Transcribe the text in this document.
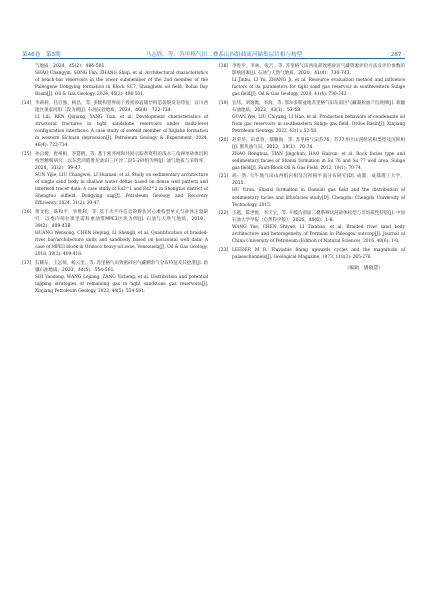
第46卷　第3期	马志欣，等：苏里格气田二叠系山西组曲流河储集层岩相与构型	· 287 ·

气地质，2024，45(2)：486-501.

SHAO Changyin, SONG Fan, ZHANG Shiqi, et al. Architectural characteristics of beach-bar reservoirs in the lower submember of the 2nd member of the Paleogene Dongying formation in Block SC7, Shanghebi oil field, Bohai Bay Basin[J]. Oil & Gas Geology, 2024, 45(2): 486-501.

[14] 李莉莉，任启强，杨昌，等. 多级构型界面下致密砂岩储层构造裂缝发育特征：以川西地区须家河组二段为例[J]. 石油实验地质，2024，46(4)：722-734.

LI Lili, REN Qiqiang, YANG Tian, et al. Development characteristics of structural fractures in tight sandstone reservoirs under multi-level configuration interfaces: A case study of second member of Xujiahe formation in western Sichuan depression[J]. Petroleum Geology & Experiment, 2024, 46(4): 722-734.

[15] 孙日媛，唐祖根，李慧帆，等. 基于密井网和井间示踪剂资料的浅水三角洲单砂体沉积构型精细研究：以东营凹陷胜坨油田三区沙二段1-2砂组为例[J]. 油气地质与采收率，2024，31(2)：39-47.

SUN Yijie, LIU Changwei, LI Huanan, et al. Study on sedimentary architecture of single sand body in shallow water deltas based on dense well pattern and interwell tracer data: A case study of Es2^1 and Es2^2 in Shengtuo district of Shengtuo oilfield, Dongying sag[J]. Petroleum Geology and Recovery Efficiency, 2024, 31(2): 39-47.

[16] 黄文松，陈和平，李胜利，等. 基于水平井信息的辫状河心滩构型单元与砂体定量研究：以委内瑞拉奥里诺科重油带MPE3区块为例[J]. 石油与天然气地质，2018，39(2)：409-418.

HUANG Wensong, CHEN Heping, LI Shengli, et al. Quantification of braided-river bar/architecture units and sandbody based on horizontal well data: A case of MPE3 block in Orinoco heavy-oil zone, Venezuela[J]. Oil & Gas Geology, 2018, 39(2): 409-418.

[17] 石耀东，王远瑞，杨云奎，等. 苏里格气田致密砂岩气藏剩余气分布特征及其挖潜[J]. 新疆石油地质，2023，44(5)：554-561.

SHI Yaodong, WANG Lejiang, ZANG Yicheng, et al. Distribution and potential tapping strategies of remaining gas in tight sandstone gas reservoirs[J]. Xinjiang Petroleum Geology, 2023, 44(5): 554-561.

[18] 李进步，李咏，张吉，等. 苏里格气田西南部致密砂岩气藏资源评价方法及评价参数的影响因素[J]. 石油与天然气地质，2020，41(4)：730-743.

LI Jinbu, LI Yu, ZHANG Ji, et al. Resource evaluation method and influence factors of its parameters for tight sand gas reservoir in southwestern Sulige gas field[J]. Oil & Gas Geology, 2020, 41(4): 730-743.

[19] 官伟，刘逸衡，李海，等. 鄂尔多斯盆地苏里格气田东南区气藏凝析油产出规律[J]. 新疆石油地质，2022，43(1)：52-58.

GUAN Wei, LIU Chiyang, LI Hao, et al. Production behaviors of condensate oil from gas reservoirs in southeastern Sulige gas field, Ordos Basin[J]. Xinjiang Petroleum Geology, 2022, 43(1): 52-58.

[20] 赵荣华，田景春，鄢顺海，等. 苏里格气田苏76、苏77井区山西组岩相类型及沉积相[J]. 断块油气田，2012，19(1)：70-74.

ZHAO Ronghua, TIAN Jingchun, HAO Haiyun, et al. Rock facies type and sedimentary facies of Shanxi formation in Su 76 and Su 77 well area, Sulige gas field[J]. Fault-Block Oil & Gas Field, 2012, 19(1): 70-74.

[21] 胡一然. 大牛地气田山西组岩相及沉积相平面分布研究[D]. 成都：成都理工大学，2015.

HU Yiran. Shanxi formation in Daniudi gas field and the distribution of sedimentary facies and lithofacies study[D]. Chengdu: Chengdu University of Technology, 2015.

[22] 王越，陈世悦，李天宝，等. 开缆沟剖面二叠系辫状河砂体构型与非均质性特征[J]. 中国石油大学学报（自然科学版），2016，40(6)：1-8.

WANG Yue, CHEN Shiyue, LI Tianbao, et al. Braided river sand body architecture and heterogeneity of Permian in Paleogou outcrop[J]. Journal of China University of Petroleum (Edition of Natural Science), 2016, 40(6): 1-8.

[23] LEEDER M R. Fluviatile fining upwards cycles and the magnitude of palaeochannels[J]. Geological Magazine, 1973, 110(3): 265-276.

（编辑　潘晓慧）
